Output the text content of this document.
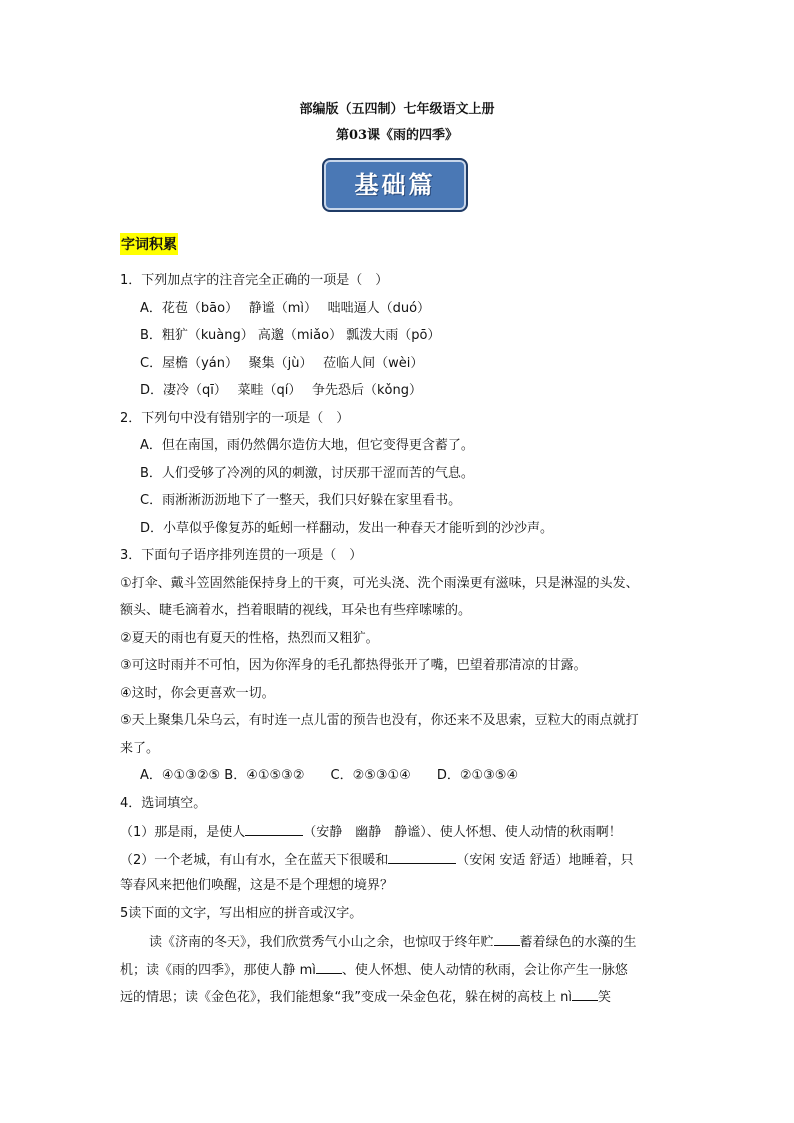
部编版（五四制）七年级语文上册
第03课《雨的四季》
基础篇
字词积累
1．下列加点字的注音完全正确的一项是（　）
A．花苞（bāo）　 静谧（mì）　 咄咄逼人（duó）
B．粗犷（kuàng） 高邈（miǎo） 瓢泼大雨（pō）
C．屋檐（yán）　 聚集（jù）　 莅临人间（wèi）
D．凄冷（qī）　 菜畦（qí）　 争先恐后（kǒng）
2．下列句中没有错别字的一项是（　）
A．但在南国，雨仍然偶尔造仿大地，但它变得更含蓄了。
B．人们受够了冷冽的风的刺激，讨厌那干涩而苦的气息。
C．雨淅淅沥沥地下了一整天，我们只好躲在家里看书。
D．小草似乎像复苏的蚯蚓一样翻动，发出一种春天才能听到的沙沙声。
3．下面句子语序排列连贯的一项是（　）
①打伞、戴斗笠固然能保持身上的干爽，可光头浇、洗个雨澡更有滋味，只是淋湿的头发、
额头、睫毛滴着水，挡着眼睛的视线，耳朵也有些痒嗦嗦的。
②夏天的雨也有夏天的性格，热烈而又粗犷。
③可这时雨并不可怕，因为你浑身的毛孔都热得张开了嘴，巴望着那清凉的甘露。
④这时，你会更喜欢一切。
⑤天上聚集几朵乌云，有时连一点儿雷的预告也没有，你还来不及思索，豆粒大的雨点就打
来了。
A．④①③②⑤ B．④①⑤③②　　C．②⑤③①④　　D．②①③⑤④
4．选词填空。
（1）那是雨，是使人	（安静　幽静　静谧）、使人怀想、使人动情的秋雨啊！
（2）一个老城，有山有水，全在蓝天下很暖和	（安闲 安适 舒适）地睡着，只
等春风来把他们唤醒，这是不是个理想的境界？
5读下面的文字，写出相应的拼音或汉字。
读《济南的冬天》，我们欣赏秀气小山之余，也惊叹于终年贮 蓄着绿色的水藻的生
机；读《雨的四季》，那使人静 mì 、使人怀想、使人动情的秋雨，会让你产生一脉悠
远的情思；读《金色花》，我们能想象“我”变成一朵金色花，躲在树的高枝上 nì 笑
